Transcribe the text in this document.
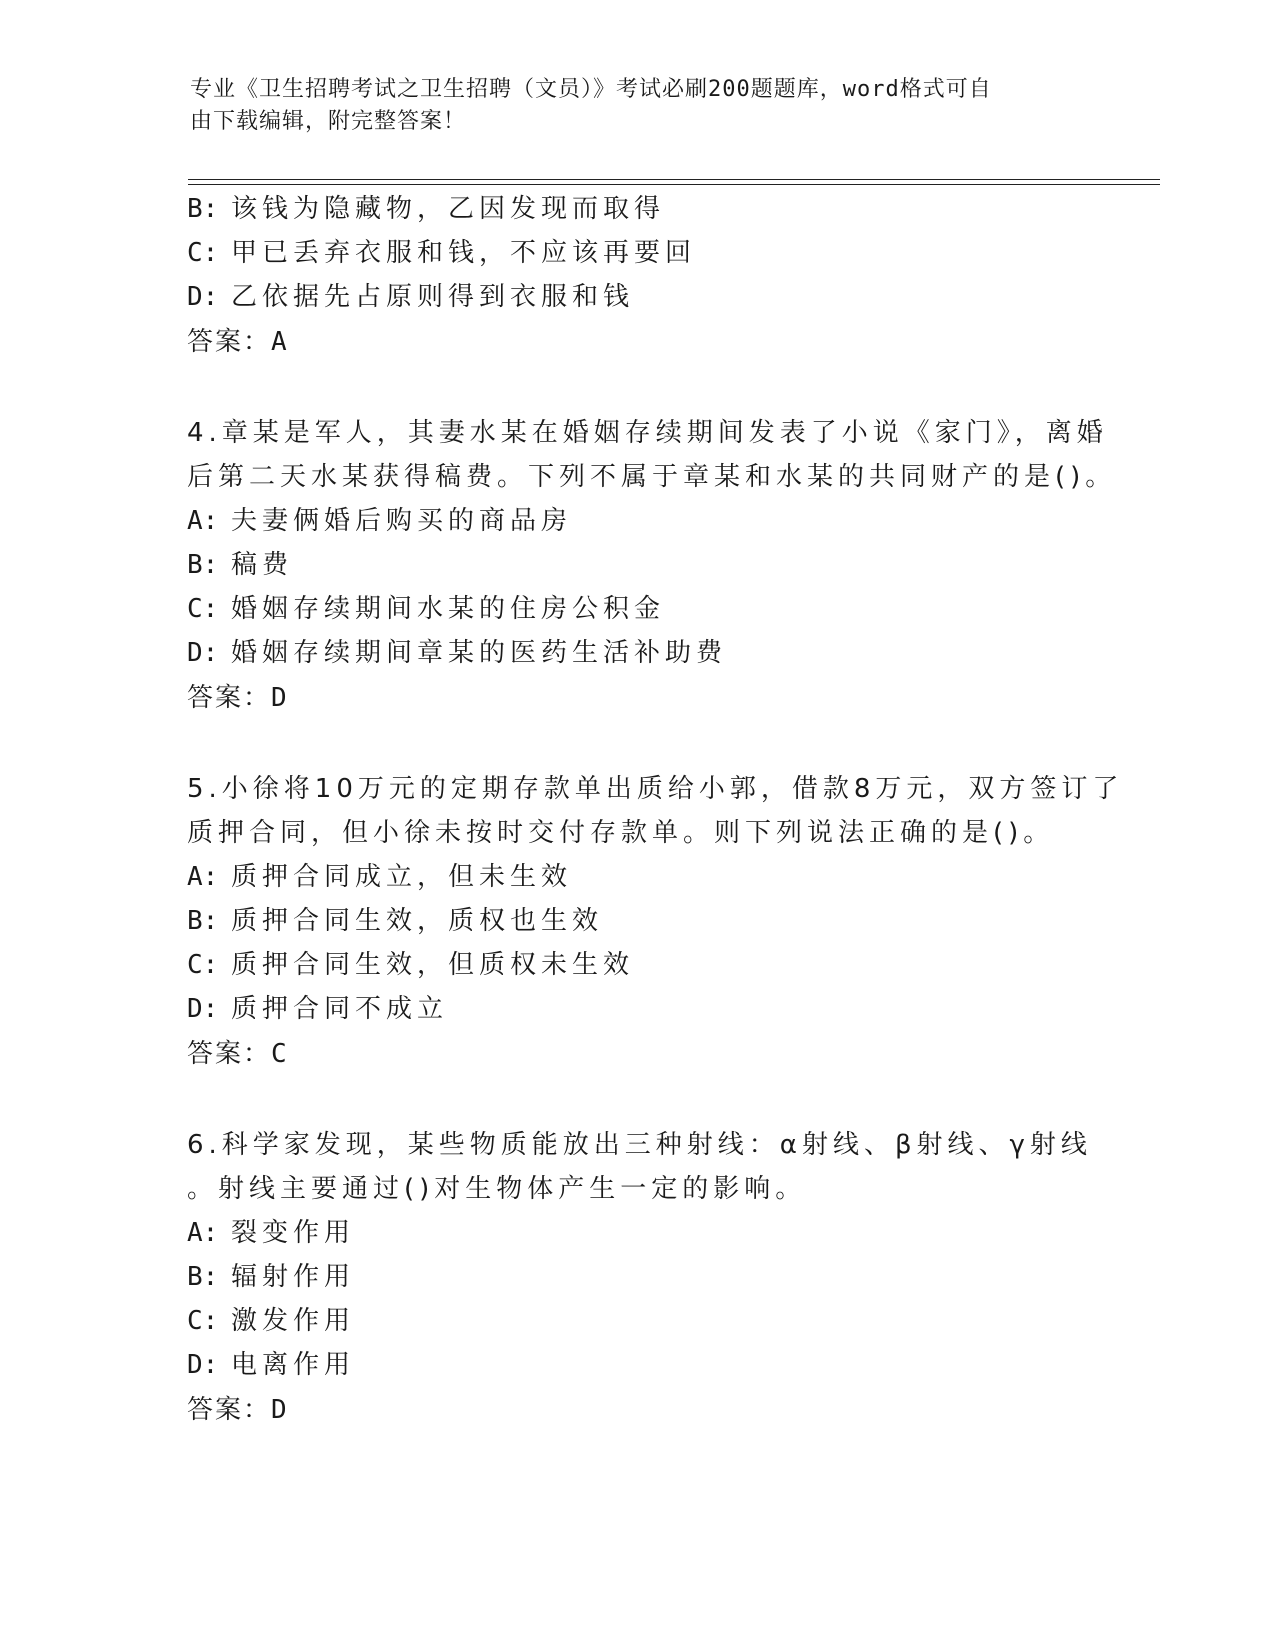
专业《卫生招聘考试之卫生招聘（文员）》考试必刷200题题库，word格式可自
由下载编辑，附完整答案！
B: 该钱为隐藏物，乙因发现而取得
C: 甲已丢弃衣服和钱，不应该再要回
D: 乙依据先占原则得到衣服和钱
答案：A
4.章某是军人，其妻水某在婚姻存续期间发表了小说《家门》，离婚
后第二天水某获得稿费。下列不属于章某和水某的共同财产的是()。
A: 夫妻俩婚后购买的商品房
B: 稿费
C: 婚姻存续期间水某的住房公积金
D: 婚姻存续期间章某的医药生活补助费
答案：D
5.小徐将10万元的定期存款单出质给小郭，借款8万元，双方签订了
质押合同，但小徐未按时交付存款单。则下列说法正确的是()。
A: 质押合同成立，但未生效
B: 质押合同生效，质权也生效
C: 质押合同生效，但质权未生效
D: 质押合同不成立
答案：C
6.科学家发现，某些物质能放出三种射线：α射线、β射线、γ射线
。射线主要通过()对生物体产生一定的影响。
A: 裂变作用
B: 辐射作用
C: 激发作用
D: 电离作用
答案：D
